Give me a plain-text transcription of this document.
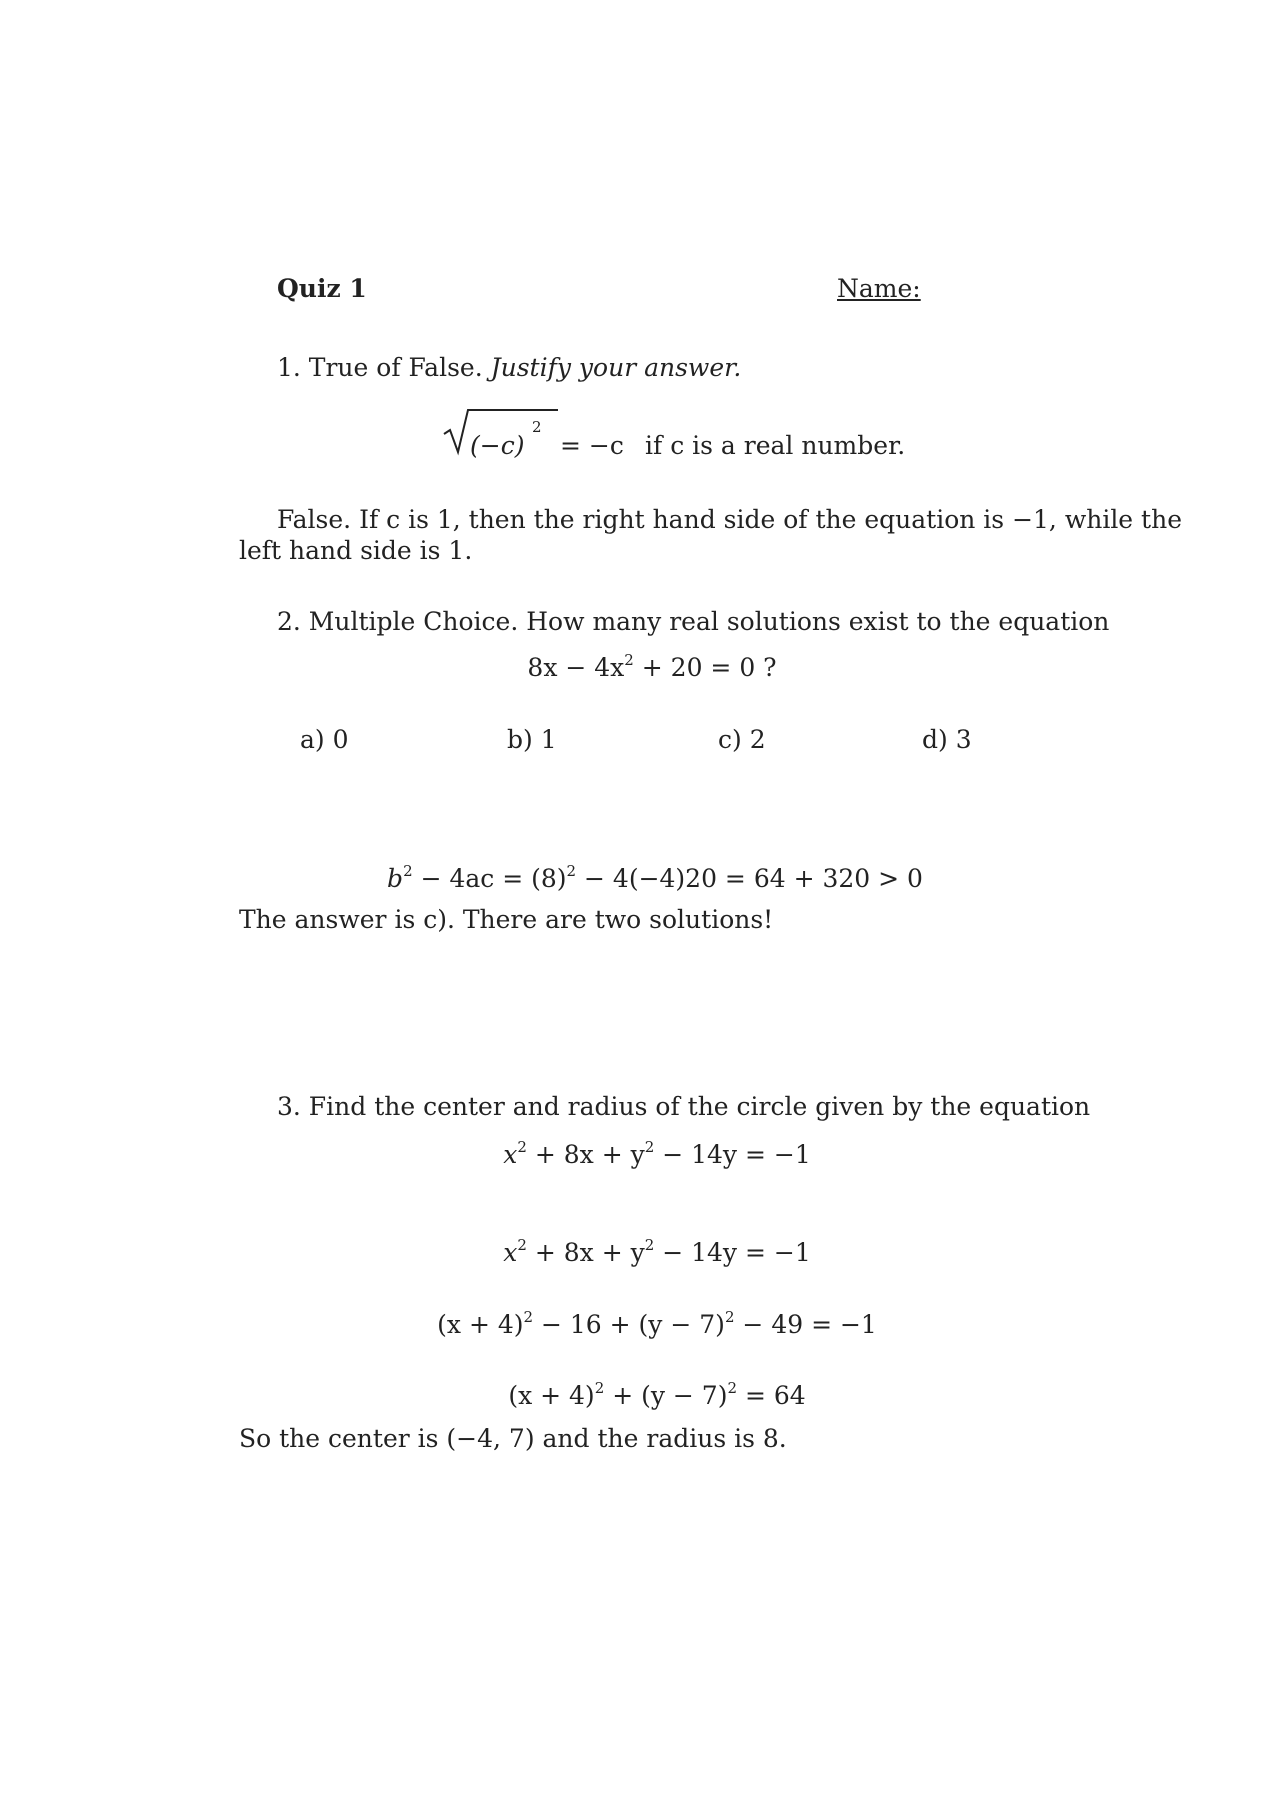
Quiz 1	Name:
1. True of False. Justify your answer.
(−c)
2
= −c if c is a real number.
False. If c is 1, then the right hand side of the equation is −1, while the
left hand side is 1.
2. Multiple Choice. How many real solutions exist to the equation
$8x - 4x^2 + 20 = 0$ ?
a) 0	b) 1	c) 2	d) 3
$b^2 - 4ac = (8)^2 - 4(-4)20 = 64 + 320 > 0$
The answer is c). There are two solutions!
3. Find the center and radius of the circle given by the equation
$x^2 + 8x + y^2 - 14y = -1$
$x^2 + 8x + y^2 - 14y = -1$
$(x + 4)^2 - 16 + (y - 7)^2 - 49 = -1$
$(x + 4)^2 + (y - 7)^2 = 64$
So the center is (−4, 7) and the radius is 8.
